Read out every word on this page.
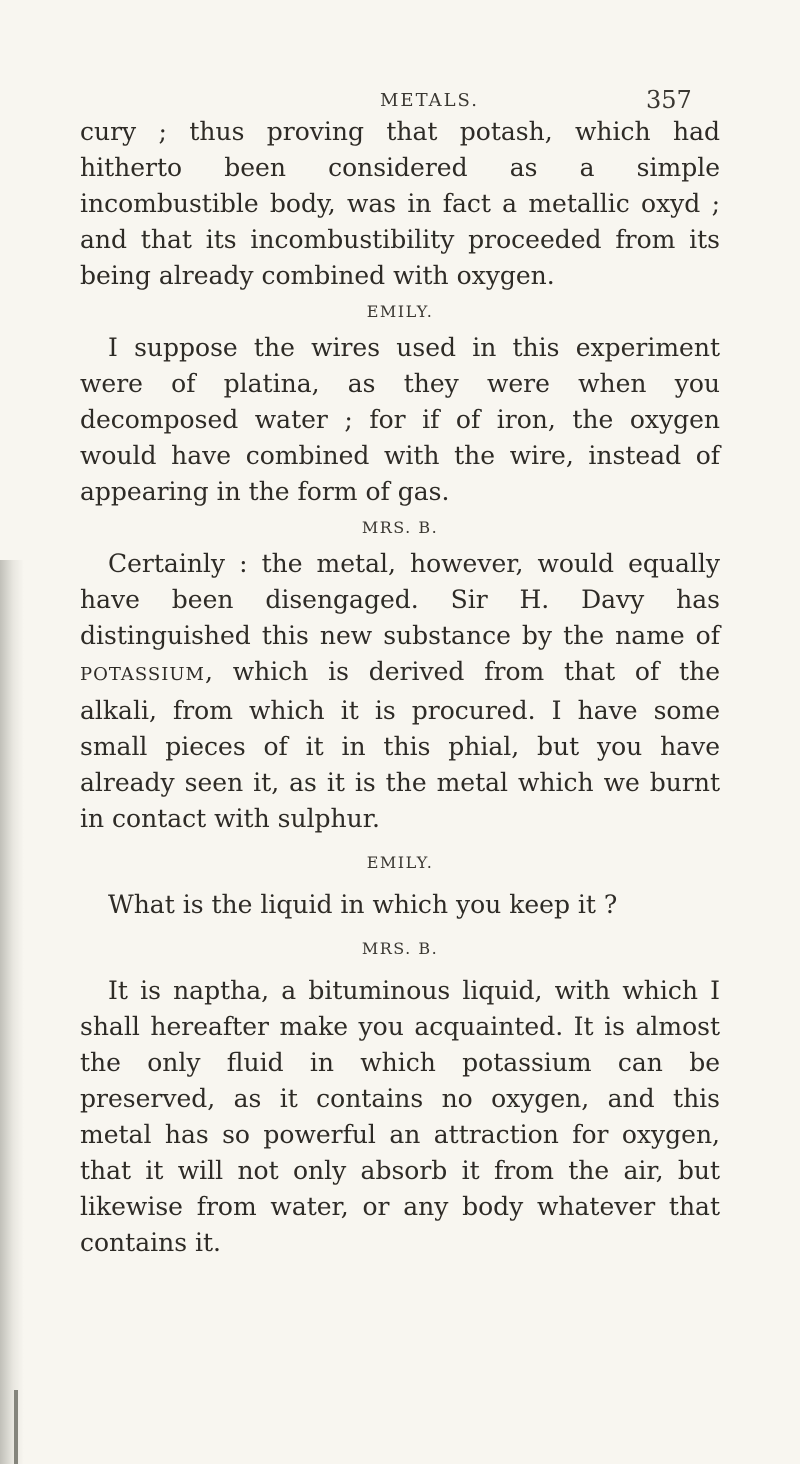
METALS.	357

cury ; thus proving that potash, which had hitherto been considered as a simple incombustible body, was in fact a metallic oxyd ; and that its incombustibility proceeded from its being already combined with oxygen.

EMILY.

I suppose the wires used in this experiment were of platina, as they were when you decomposed water ; for if of iron, the oxygen would have combined with the wire, instead of appearing in the form of gas.

MRS. B.

Certainly : the metal, however, would equally have been disengaged. Sir H. Davy has distinguished this new substance by the name of POTASSIUM, which is derived from that of the alkali, from which it is procured. I have some small pieces of it in this phial, but you have already seen it, as it is the metal which we burnt in contact with sulphur.

EMILY.

What is the liquid in which you keep it ?

MRS. B.

It is naptha, a bituminous liquid, with which I shall hereafter make you acquainted. It is almost the only fluid in which potassium can be preserved, as it contains no oxygen, and this metal has so powerful an attraction for oxygen, that it will not only absorb it from the air, but likewise from water, or any body whatever that contains it.
